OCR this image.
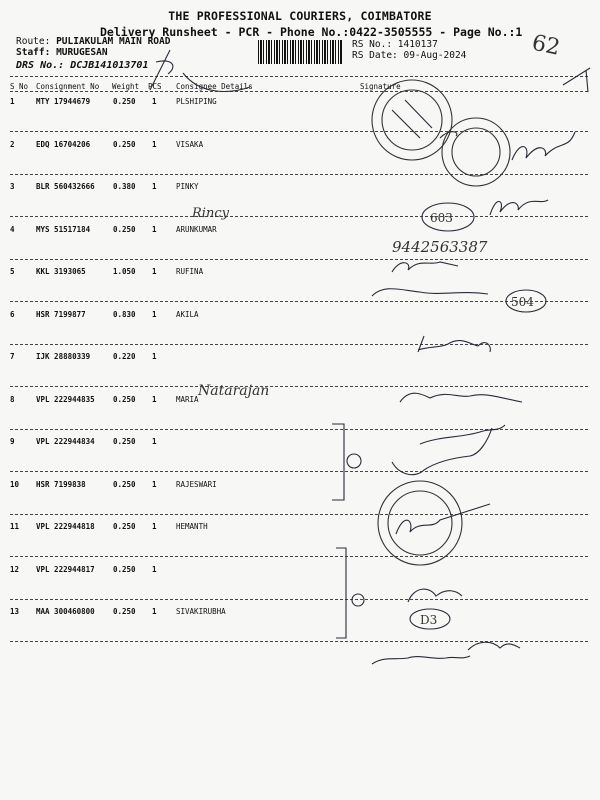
THE PROFESSIONAL COURIERS, COIMBATORE
Delivery Runsheet - PCR - Phone No.:0422-3505555 - Page No.:1
Route: PULIAKULAM MAIN ROAD
Staff: MURUGESAN
DRS No.: DCJB141013701
RS No.: 1410137
RS Date: 09-Aug-2024
S No Consignment No Weight PCS Consignee Details	Signature
1	MTY 17944679	0.250 1	PLSHIPING
2	EDQ 16704206	0.250 1	VISAKA
3	BLR 560432666 0.380 1	PINKY
4	MYS 51517184	0.250 1	ARUNKUMAR
5	KKL 3193065	1.050 1	RUFINA
6	HSR 7199877	0.830 1	AKILA
7	IJK 28880339	0.220 1
8	VPL 222944835 0.250 1	MARIA
9	VPL 222944834 0.250 1
10 HSR 7199838	0.250 1	RAJESWARI
11 VPL 222944818 0.250 1	HEMANTH
12 VPL 222944817 0.250 1
13 MAA 300460800 0.250 1	SIVAKIRUBHA
62
Rincy	603
9442563387
504
Natarajan
D3
